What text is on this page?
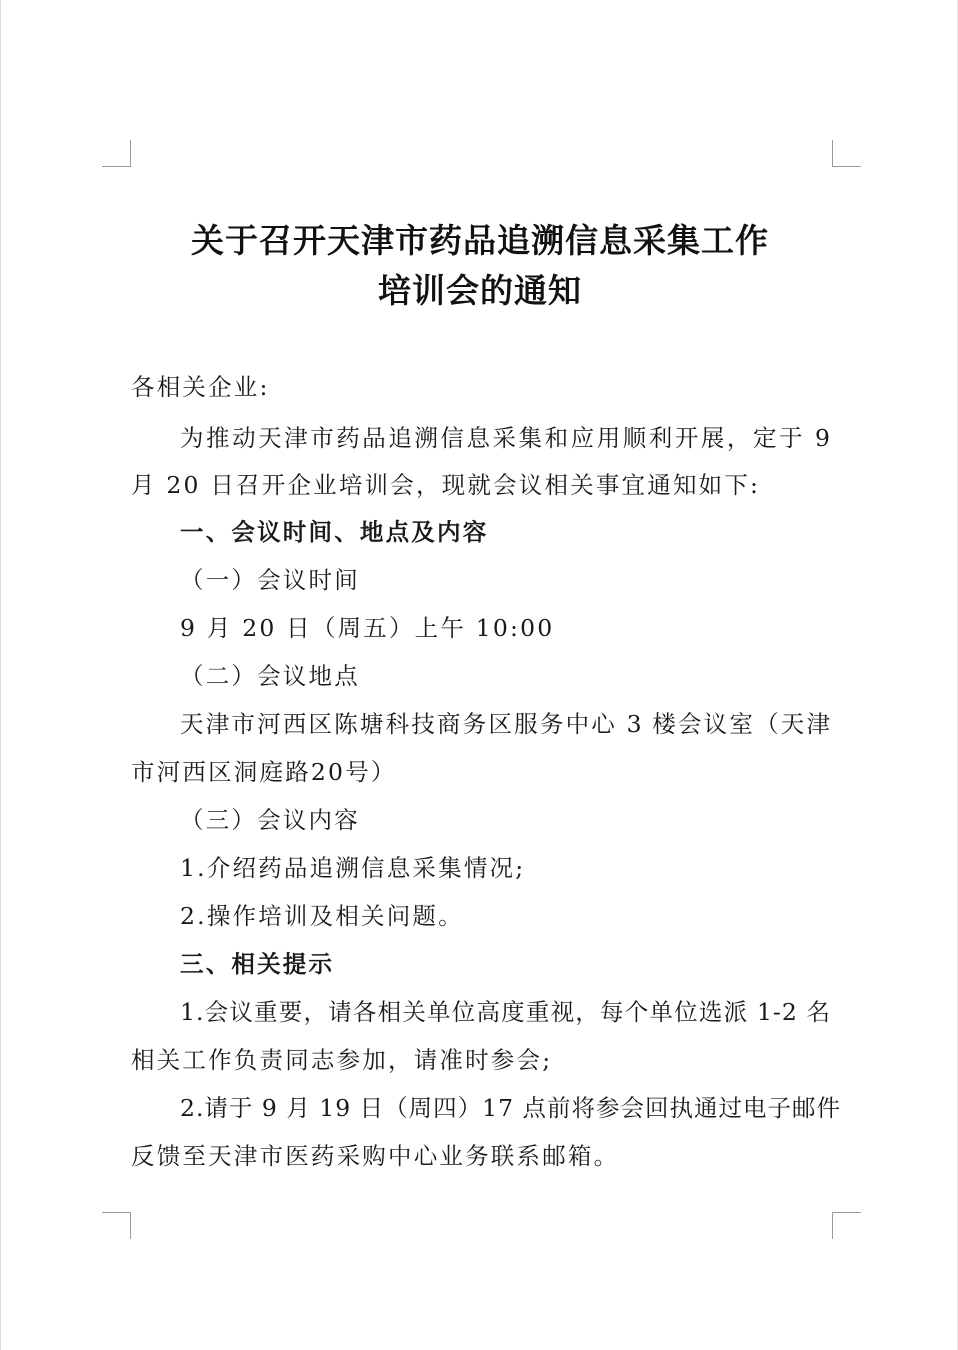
关于召开天津市药品追溯信息采集工作
培训会的通知
各相关企业:
为推动天津市药品追溯信息采集和应用顺利开展，定于 9
月 20 日召开企业培训会，现就会议相关事宜通知如下:
一、会议时间、地点及内容
（一）会议时间
9 月 20 日（周五）上午 10:00
（二）会议地点
天津市河西区陈塘科技商务区服务中心 3 楼会议室（天津
市河西区洞庭路20号）
（三）会议内容
1.介绍药品追溯信息采集情况;
2.操作培训及相关问题。
三、相关提示
1.会议重要，请各相关单位高度重视，每个单位选派 1-2 名
相关工作负责同志参加，请准时参会;
2.请于 9 月 19 日（周四）17 点前将参会回执通过电子邮件
反馈至天津市医药采购中心业务联系邮箱。
